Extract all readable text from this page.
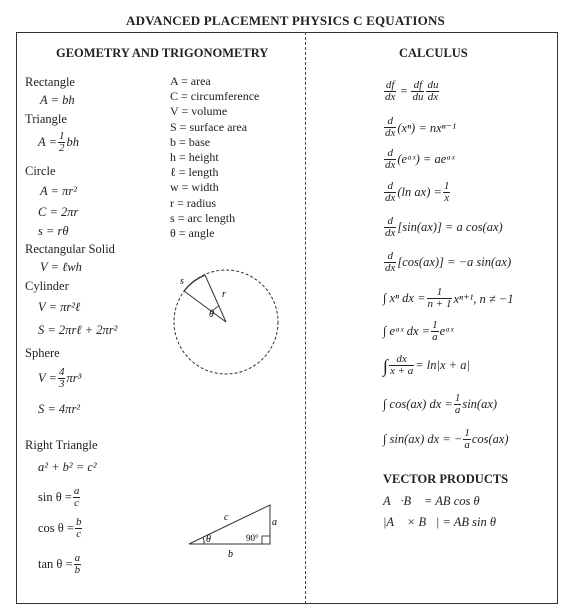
ADVANCED PLACEMENT PHYSICS C EQUATIONS
GEOMETRY AND TRIGONOMETRY
Rectangle
A = bh
Triangle
$A = \frac{1}{2}$ bh
Circle
A = πr²
C = 2πr
s = rθ
Rectangular Solid
V = ℓwh
Cylinder
V = πr²ℓ
S = 2πrℓ + 2πr²
Sphere
$V = \frac{4}{3} \pi r^3$
S = 4πr²
Right Triangle
a² + b² = c²
$\sin \theta = \frac{a}{c}$
$\cos \theta = \frac{b}{c}$
$\tan \theta = \frac{a}{b}$
A = area
C = circumference
V = volume
S = surface area
b = base
h = height
ℓ = length
w = width
r = radius
s = arc length
θ = angle
s
r
θ
c	a
b
θ	90°
CALCULUS
$\frac{df}{dx} = \frac{df}{du} \frac{du}{dx}$
$\frac{d}{dx} (x^n) = nx^{n-1}$
$\frac{d}{dx}$ (eᵃˣ) = aeᵃˣ
$\frac{d}{dx} (\ln$ $ax) = \frac{1}{x}$
$\frac{d}{dx} [\sin(ax)] = a$ cos(ax)
$\frac{d}{dx} [\cos(ax)] = -a$ sin(ax)
∫ xⁿ dx = $\frac{1}{n + 1} x^{n+1}$, n ≠ −1
∫ eᵃˣ dx = $\frac{1}{a}$ eᵃˣ
∫ $\frac{dx}{x + a} = \ln|x + a|$
∫ cos(ax) dx = $\frac{1}{a} \sin(ax)$
∫ sin(ax) dx = − $\frac{1}{a} \cos(ax)$
VECTOR PRODUCTS
A⃗·B⃗ = AB cos θ
|A⃗ × B⃗| = AB sin θ
